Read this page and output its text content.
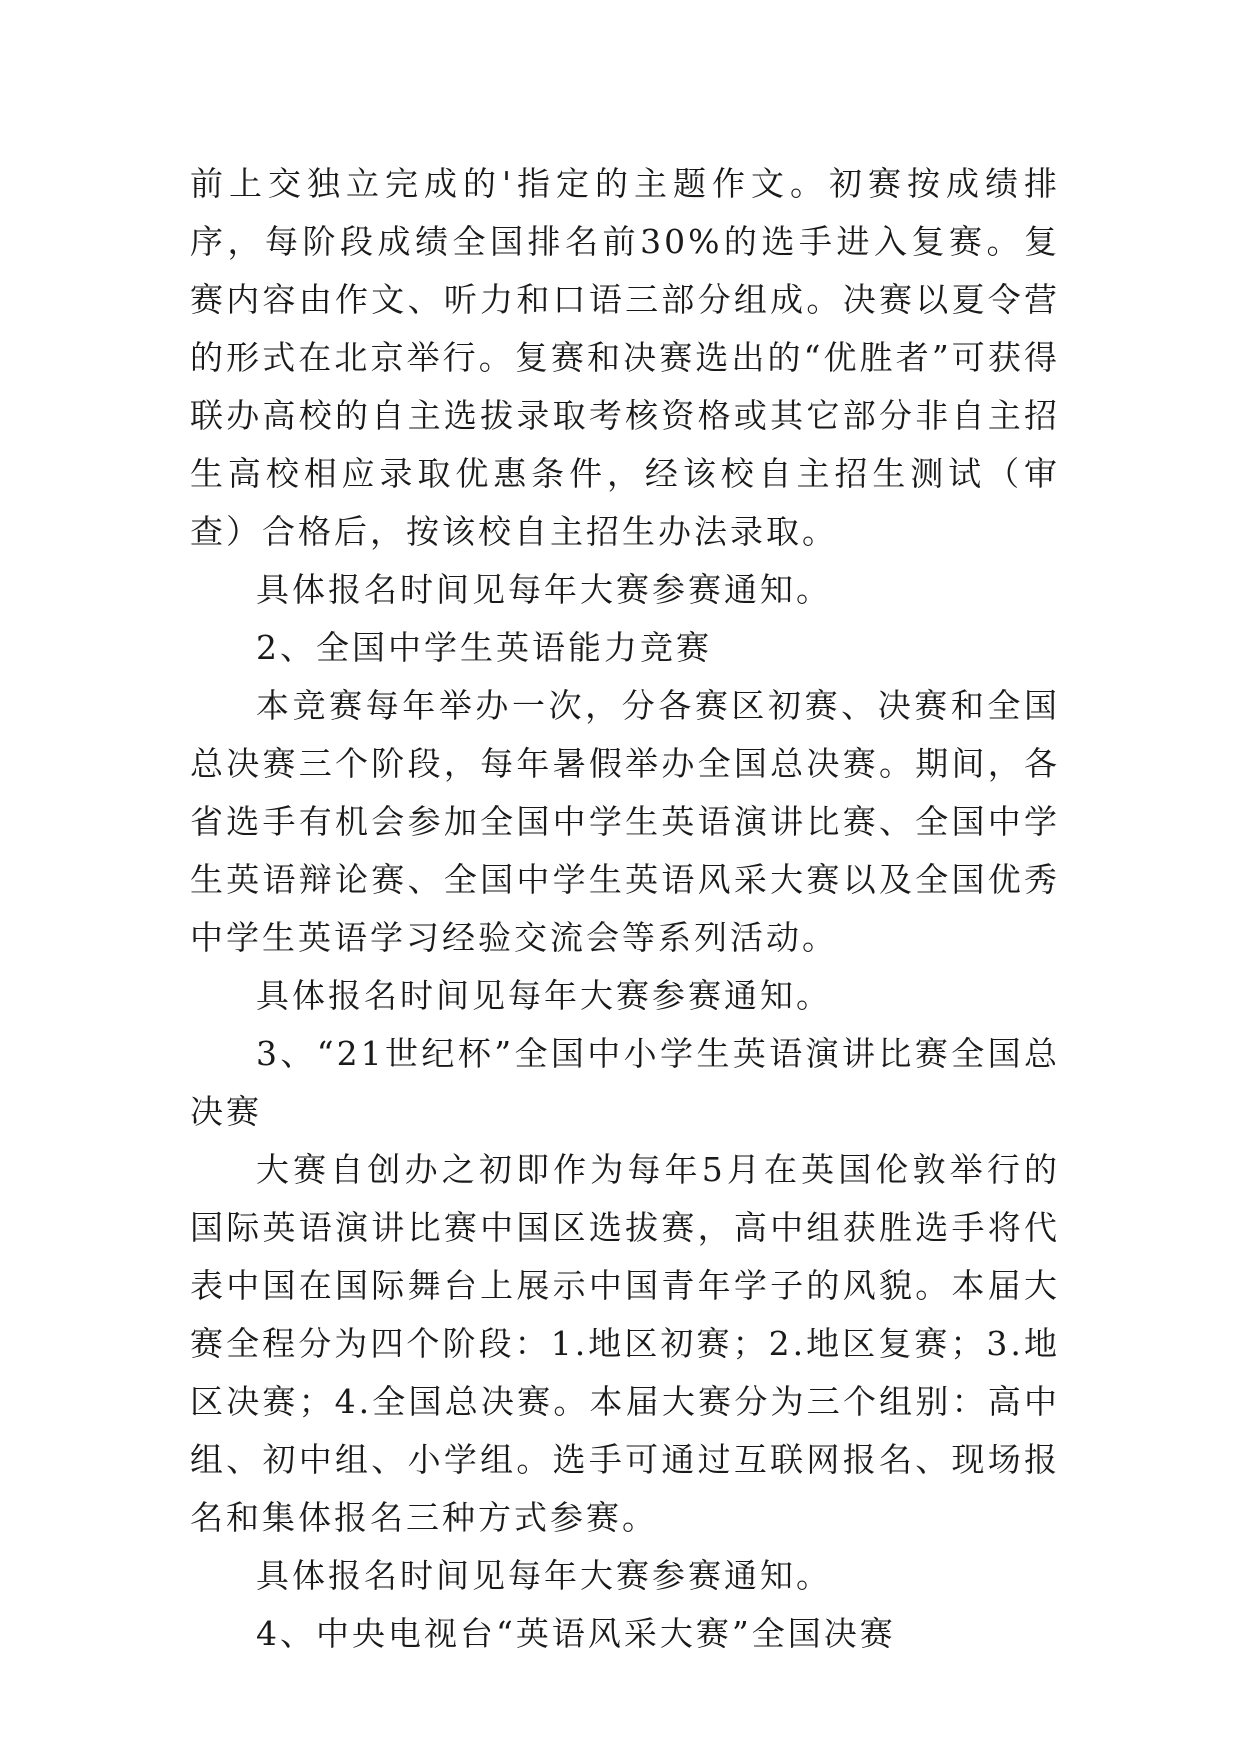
前上交独立完成的'指定的主题作文。初赛按成绩排序，每阶段成绩全国排名前30%的选手进入复赛。复赛内容由作文、听力和口语三部分组成。决赛以夏令营的形式在北京举行。复赛和决赛选出的“优胜者”可获得联办高校的自主选拔录取考核资格或其它部分非自主招生高校相应录取优惠条件，经该校自主招生测试（审查）合格后，按该校自主招生办法录取。

具体报名时间见每年大赛参赛通知。

2、全国中学生英语能力竞赛

本竞赛每年举办一次，分各赛区初赛、决赛和全国总决赛三个阶段，每年暑假举办全国总决赛。期间，各省选手有机会参加全国中学生英语演讲比赛、全国中学生英语辩论赛、全国中学生英语风采大赛以及全国优秀中学生英语学习经验交流会等系列活动。

具体报名时间见每年大赛参赛通知。

3、“21世纪杯”全国中小学生英语演讲比赛全国总决赛

大赛自创办之初即作为每年5月在英国伦敦举行的国际英语演讲比赛中国区选拔赛，高中组获胜选手将代表中国在国际舞台上展示中国青年学子的风貌。本届大赛全程分为四个阶段：1.地区初赛；2.地区复赛；3.地区决赛；4.全国总决赛。本届大赛分为三个组别：高中组、初中组、小学组。选手可通过互联网报名、现场报名和集体报名三种方式参赛。

具体报名时间见每年大赛参赛通知。

4、中央电视台“英语风采大赛”全国决赛
